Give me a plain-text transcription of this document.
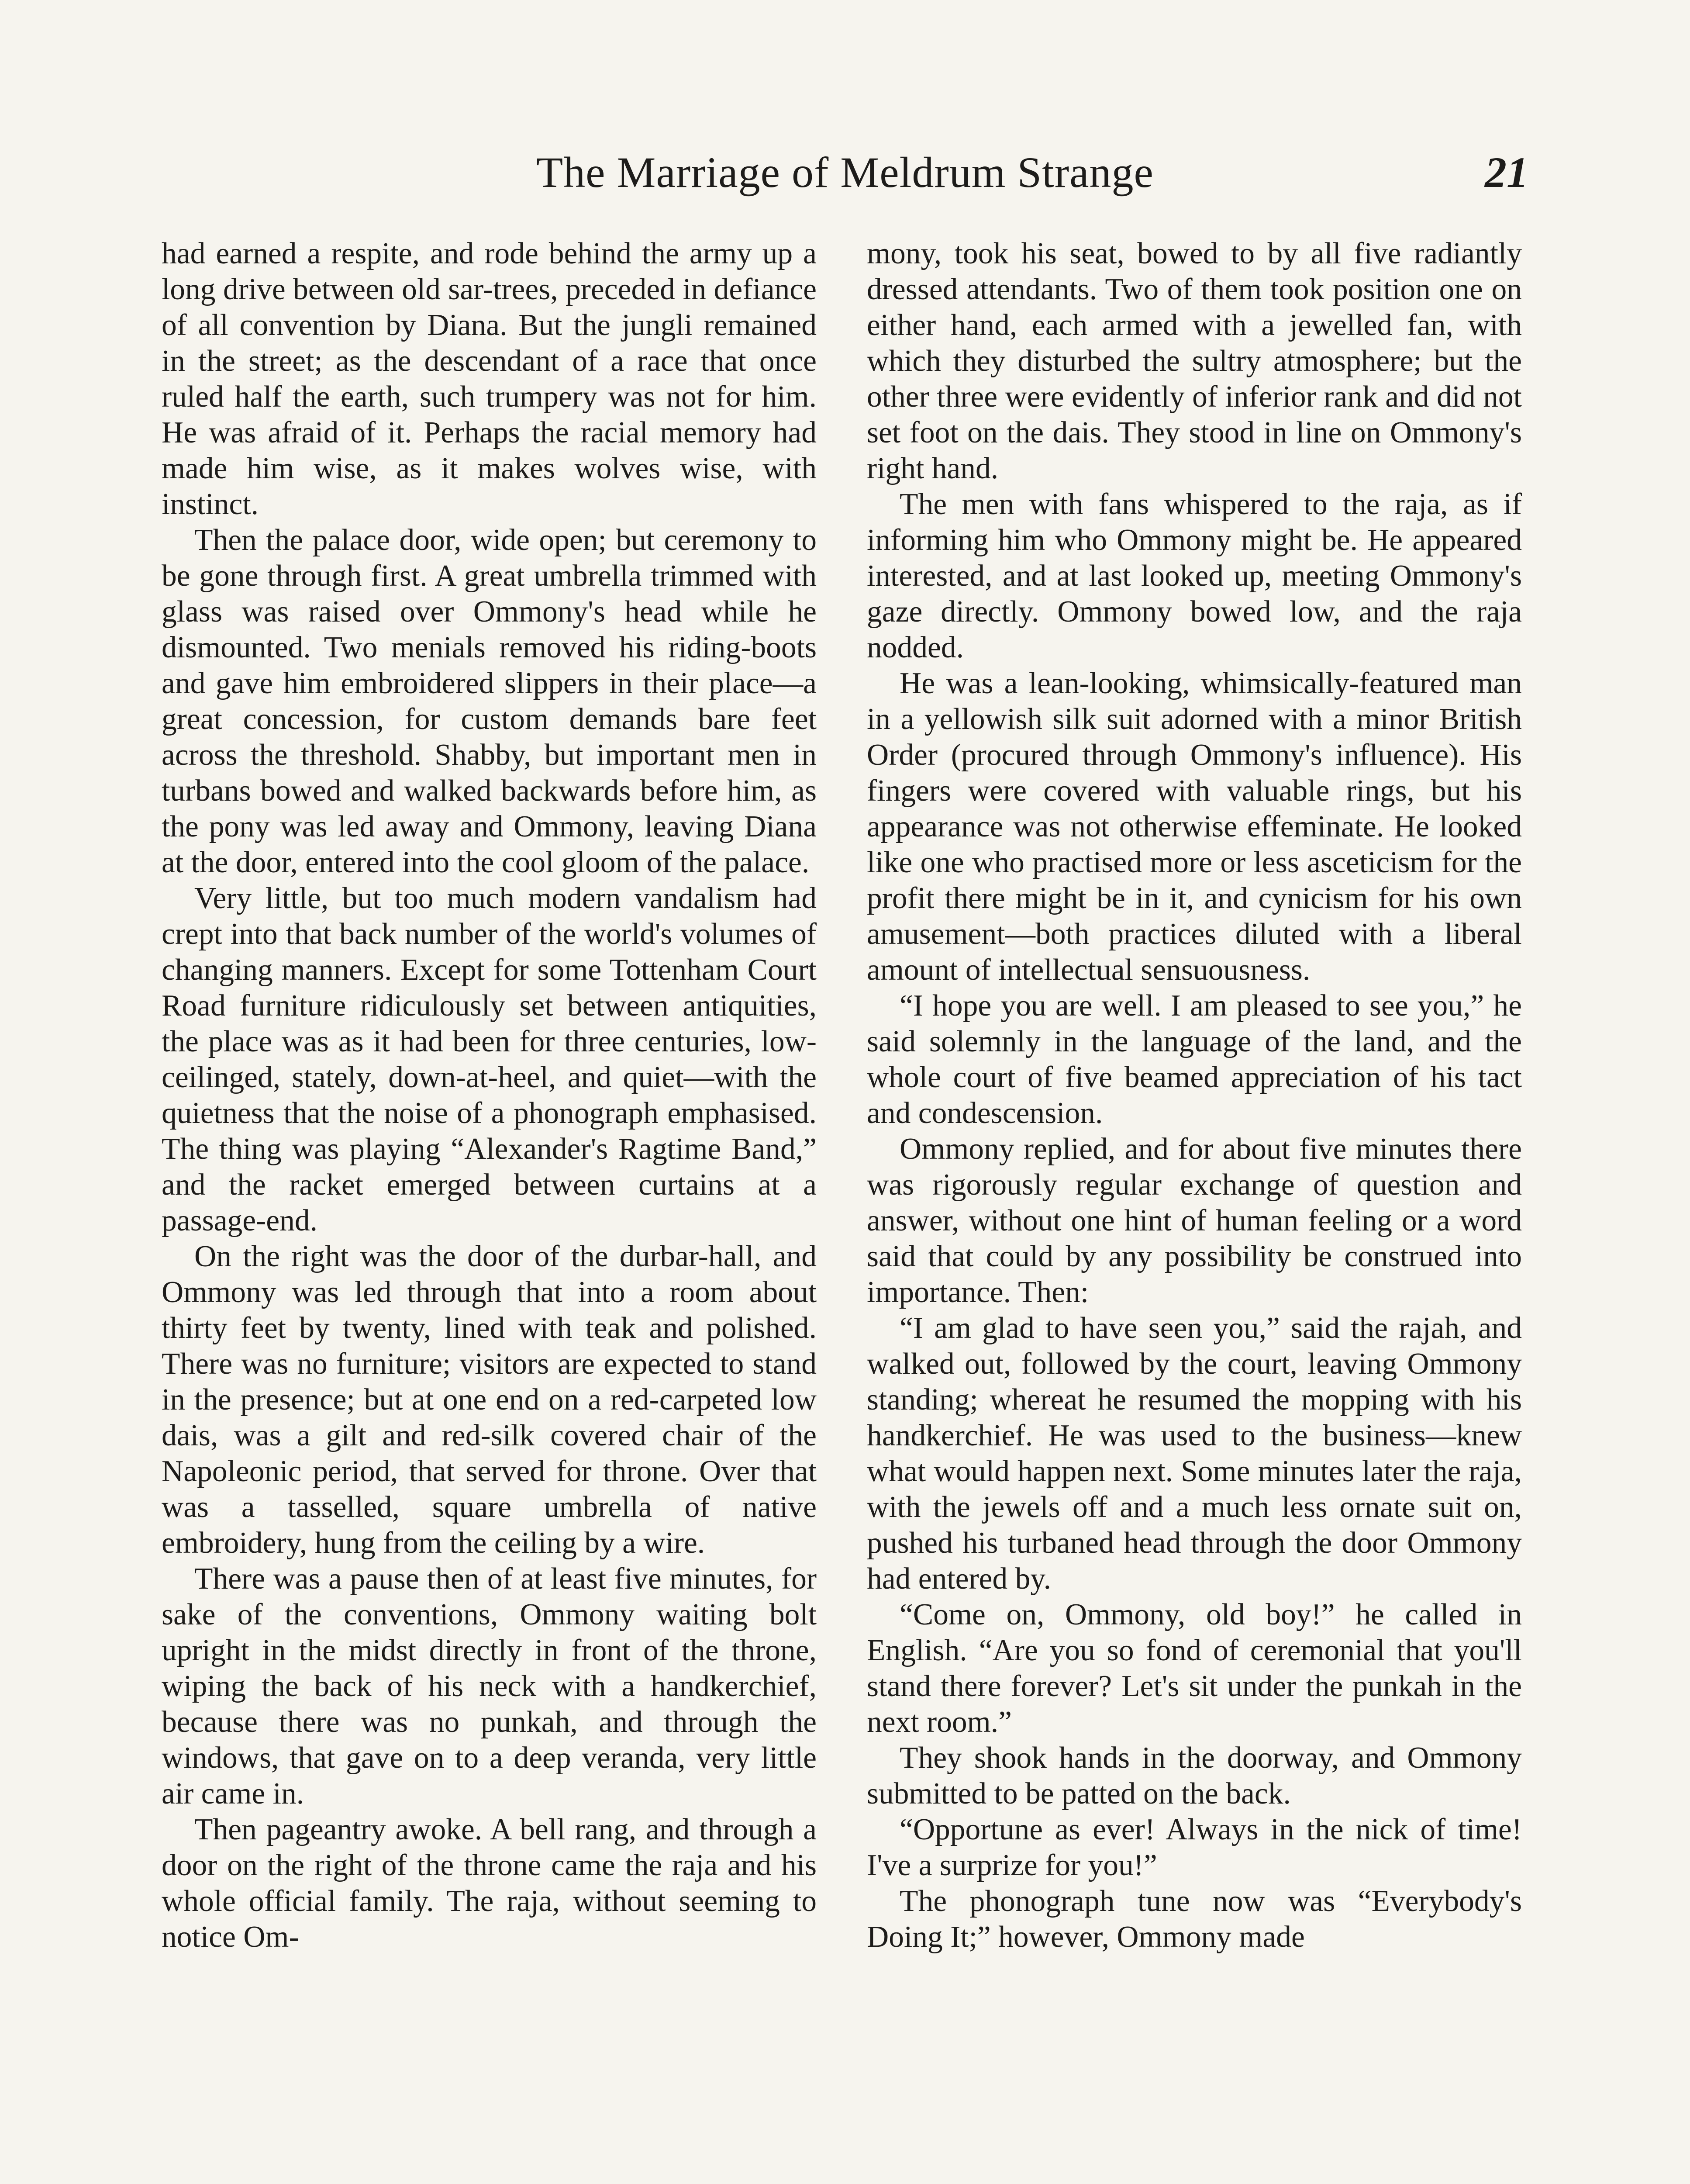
The Marriage of Meldrum Strange	21

had earned a respite, and rode behind the army up a long drive between old sar-trees, preceded in defiance of all convention by Diana. But the jungli remained in the street; as the descendant of a race that once ruled half the earth, such trumpery was not for him. He was afraid of it. Perhaps the racial memory had made him wise, as it makes wolves wise, with instinct.

Then the palace door, wide open; but ceremony to be gone through first. A great umbrella trimmed with glass was raised over Ommony's head while he dismounted. Two menials removed his riding-boots and gave him embroidered slippers in their place—a great concession, for custom demands bare feet across the threshold. Shabby, but important men in turbans bowed and walked backwards before him, as the pony was led away and Ommony, leaving Diana at the door, entered into the cool gloom of the palace.

Very little, but too much modern vandalism had crept into that back number of the world's volumes of changing manners. Except for some Tottenham Court Road furniture ridiculously set between antiquities, the place was as it had been for three centuries, low-ceilinged, stately, down-at-heel, and quiet—with the quietness that the noise of a phonograph emphasised. The thing was playing “Alexander's Ragtime Band,” and the racket emerged between curtains at a passage-end.

On the right was the door of the durbar-hall, and Ommony was led through that into a room about thirty feet by twenty, lined with teak and polished. There was no furniture; visitors are expected to stand in the presence; but at one end on a red-carpeted low dais, was a gilt and red-silk covered chair of the Napoleonic period, that served for throne. Over that was a tasselled, square umbrella of native embroidery, hung from the ceiling by a wire.

There was a pause then of at least five minutes, for sake of the conventions, Ommony waiting bolt upright in the midst directly in front of the throne, wiping the back of his neck with a handkerchief, because there was no punkah, and through the windows, that gave on to a deep veranda, very little air came in.

Then pageantry awoke. A bell rang, and through a door on the right of the throne came the raja and his whole official family. The raja, without seeming to notice Om-

mony, took his seat, bowed to by all five radiantly dressed attendants. Two of them took position one on either hand, each armed with a jewelled fan, with which they disturbed the sultry atmosphere; but the other three were evidently of inferior rank and did not set foot on the dais. They stood in line on Ommony's right hand.

The men with fans whispered to the raja, as if informing him who Ommony might be. He appeared interested, and at last looked up, meeting Ommony's gaze directly. Ommony bowed low, and the raja nodded.

He was a lean-looking, whimsically-featured man in a yellowish silk suit adorned with a minor British Order (procured through Ommony's influence). His fingers were covered with valuable rings, but his appearance was not otherwise effeminate. He looked like one who practised more or less asceticism for the profit there might be in it, and cynicism for his own amusement—both practices diluted with a liberal amount of intellectual sensuousness.

“I hope you are well. I am pleased to see you,” he said solemnly in the language of the land, and the whole court of five beamed appreciation of his tact and condescension.

Ommony replied, and for about five minutes there was rigorously regular exchange of question and answer, without one hint of human feeling or a word said that could by any possibility be construed into importance. Then:

“I am glad to have seen you,” said the rajah, and walked out, followed by the court, leaving Ommony standing; whereat he resumed the mopping with his handkerchief. He was used to the business—knew what would happen next. Some minutes later the raja, with the jewels off and a much less ornate suit on, pushed his turbaned head through the door Ommony had entered by.

“Come on, Ommony, old boy!” he called in English. “Are you so fond of ceremonial that you'll stand there forever? Let's sit under the punkah in the next room.”

They shook hands in the doorway, and Ommony submitted to be patted on the back.

“Opportune as ever! Always in the nick of time! I've a surprize for you!”

The phonograph tune now was “Everybody's Doing It;” however, Ommony made
